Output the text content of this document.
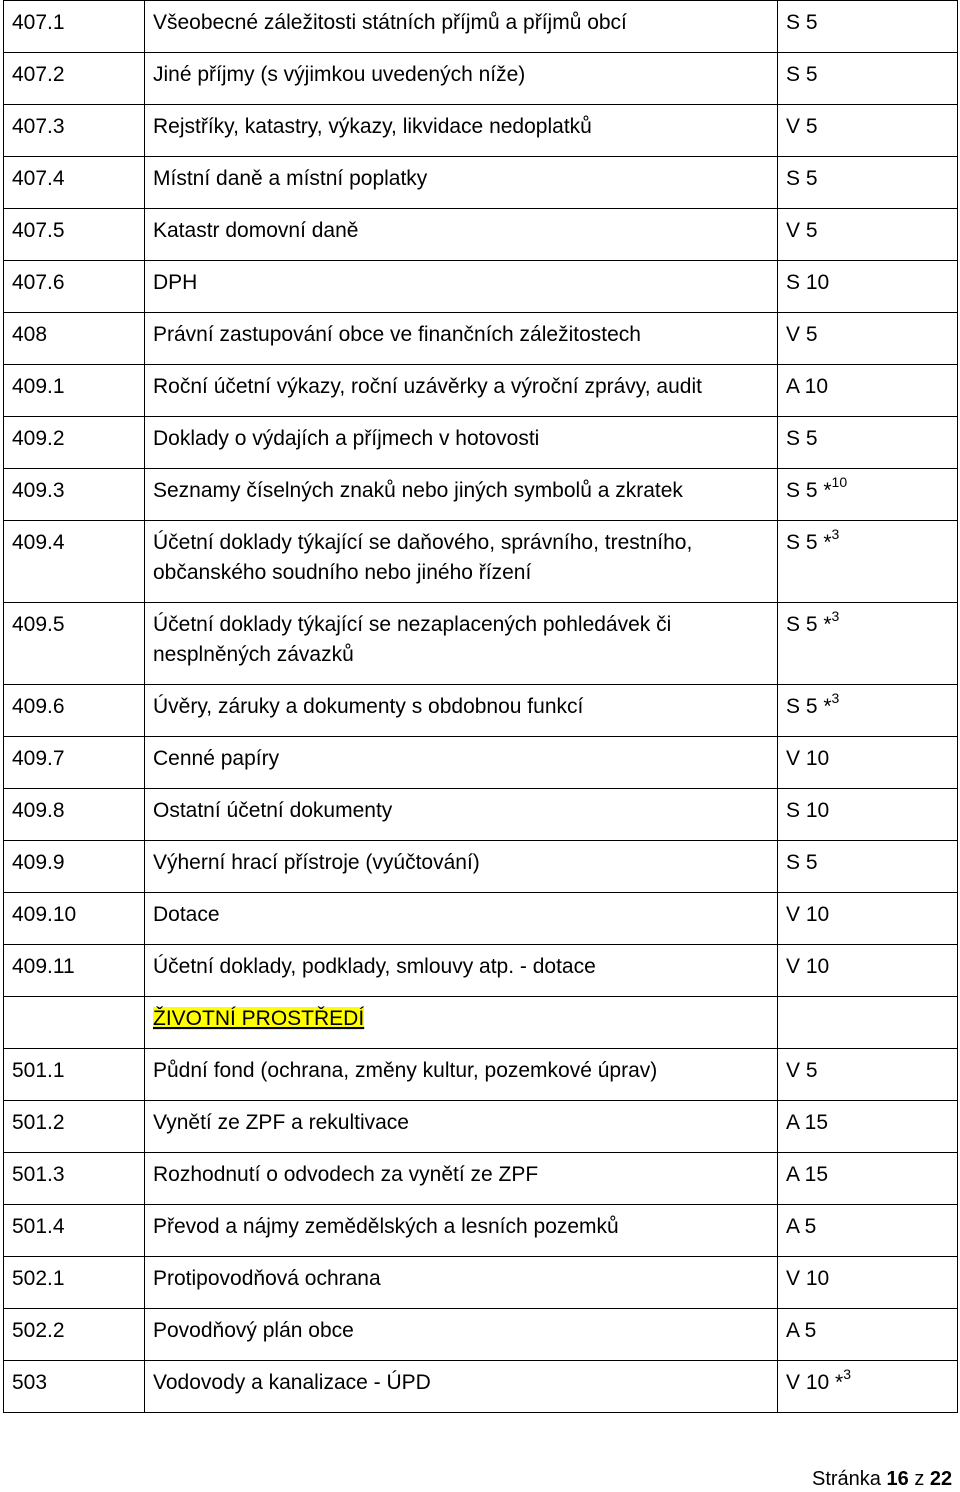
407.1	Všeobecné záležitosti státních příjmů a příjmů obcí	S 5
407.2	Jiné příjmy (s výjimkou uvedených níže)	S 5
407.3	Rejstříky, katastry, výkazy, likvidace nedoplatků	V 5
407.4	Místní daně a místní poplatky	S 5
407.5	Katastr domovní daně	V 5
407.6	DPH	S 10
408	Právní zastupování obce ve finančních záležitostech	V 5
409.1	Roční účetní výkazy, roční uzávěrky a výroční zprávy, audit	A 10
409.2	Doklady o výdajích a příjmech v hotovosti	S 5
409.3	Seznamy číselných znaků nebo jiných symbolů a zkratek	S 5 *$^{10}$
409.4	Účetní doklady týkající se daňového, správního, trestního, občanského soudního nebo jiného řízení	S 5 *$^3$
409.5	Účetní doklady týkající se nezaplacených pohledávek či nesplněných závazků	S 5 *$^3$
409.6	Úvěry, záruky a dokumenty s obdobnou funkcí	S 5 *$^3$
409.7	Cenné papíry	V 10
409.8	Ostatní účetní dokumenty	S 10
409.9	Výherní hrací přístroje (vyúčtování)	S 5
409.10	Dotace	V 10
409.11	Účetní doklady, podklady, smlouvy atp. - dotace	V 10
	ŽIVOTNÍ PROSTŘEDÍ	
501.1	Půdní fond (ochrana, změny kultur, pozemkové úprav)	V 5
501.2	Vynětí ze ZPF a rekultivace	A 15
501.3	Rozhodnutí o odvodech za vynětí ze ZPF	A 15
501.4	Převod a nájmy zemědělských a lesních pozemků	A 5
502.1	Protipovodňová ochrana	V 10
502.2	Povodňový plán obce	A 5
503	Vodovody a kanalizace - ÚPD	V 10 *$^3$
Stránka 16 z 22
